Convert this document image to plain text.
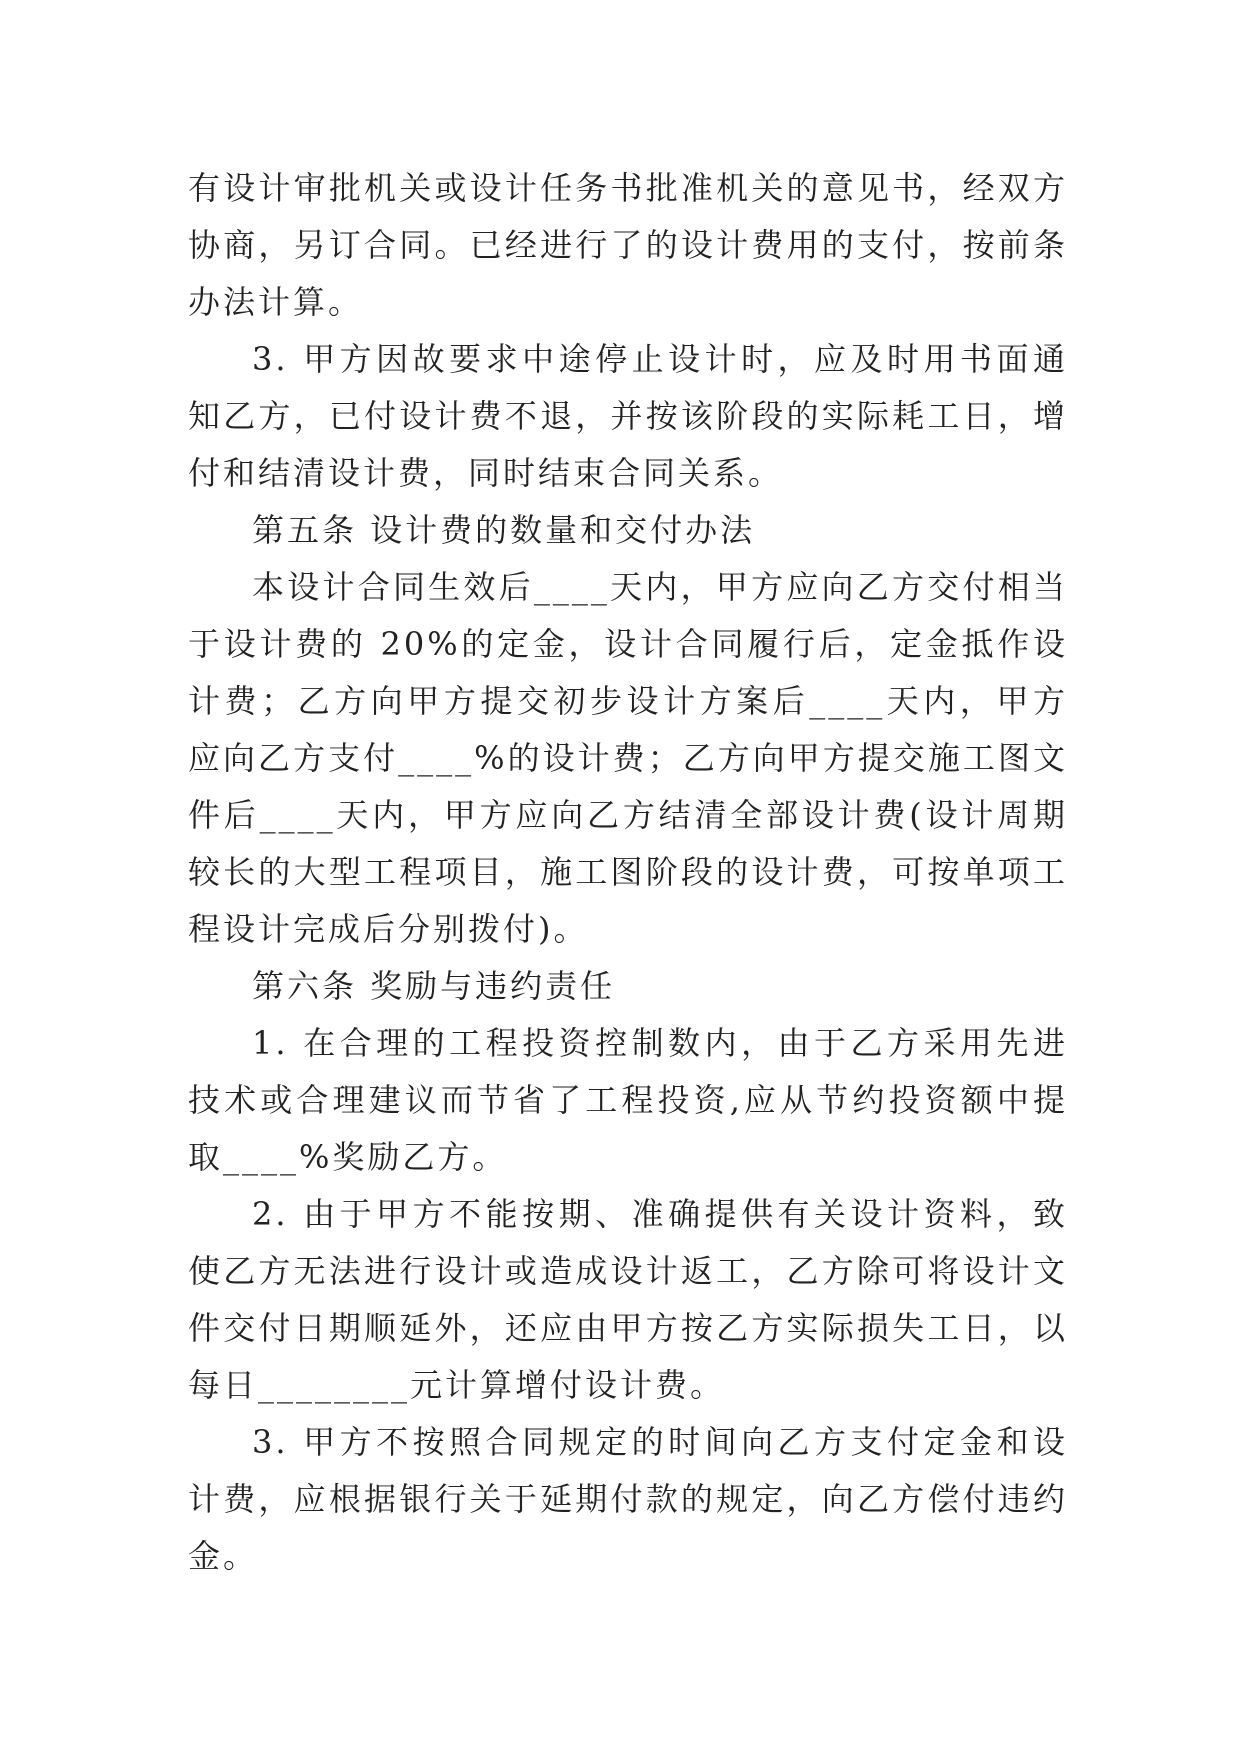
有设计审批机关或设计任务书批准机关的意见书，经双方协商，另订合同。已经进行了的设计费用的支付，按前条办法计算。

3. 甲方因故要求中途停止设计时，应及时用书面通知乙方，已付设计费不退，并按该阶段的实际耗工日，增付和结清设计费，同时结束合同关系。

第五条 设计费的数量和交付办法

本设计合同生效后____天内，甲方应向乙方交付相当于设计费的 20%的定金，设计合同履行后，定金抵作设计费；乙方向甲方提交初步设计方案后____天内，甲方应向乙方支付____%的设计费；乙方向甲方提交施工图文件后____天内，甲方应向乙方结清全部设计费(设计周期较长的大型工程项目，施工图阶段的设计费，可按单项工程设计完成后分别拨付)。

第六条 奖励与违约责任

1. 在合理的工程投资控制数内，由于乙方采用先进技术或合理建议而节省了工程投资,应从节约投资额中提取____%奖励乙方。

2. 由于甲方不能按期、准确提供有关设计资料，致使乙方无法进行设计或造成设计返工，乙方除可将设计文件交付日期顺延外，还应由甲方按乙方实际损失工日，以每日________元计算增付设计费。

3. 甲方不按照合同规定的时间向乙方支付定金和设计费，应根据银行关于延期付款的规定，向乙方偿付违约金。
